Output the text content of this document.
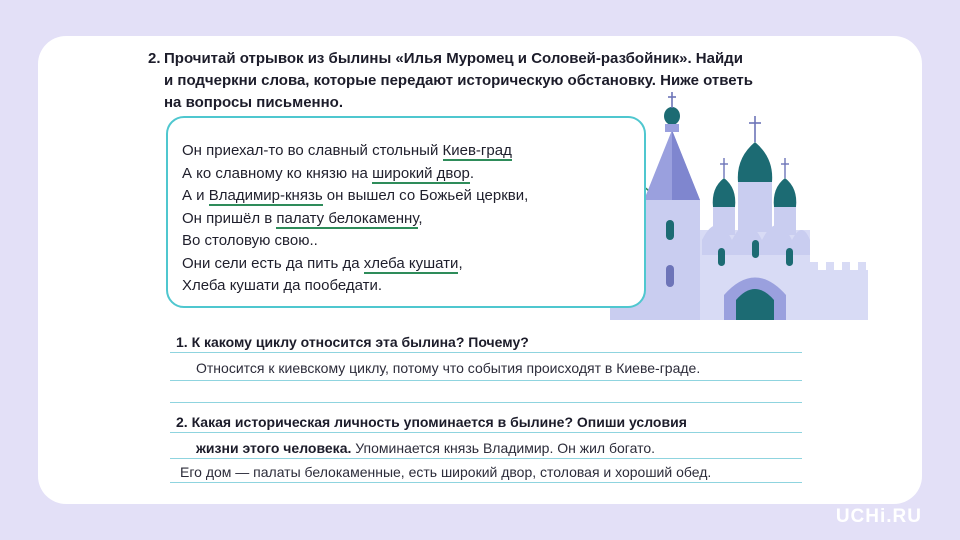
2. Прочитай отрывок из былины «Илья Муромец и Соловей-разбойник». Найди
и подчеркни слова, которые передают историческую обстановку. Ниже ответь
на вопросы письменно.
Он приехал-то во славный стольный Киев-град
А ко славному ко князю на широкий двор.
А и Владимир-князь он вышел со Божьей церкви,
Он пришёл в палату белокаменну,
Во столовую свою..
Они сели есть да пить да хлеба кушати,
Хлеба кушати да пообедати.
1. К какому циклу относится эта былина? Почему?
Относится к киевскому циклу, потому что события происходят в Киеве-граде.
2. Какая историческая личность упоминается в былине? Опиши условия
жизни этого человека. Упоминается князь Владимир. Он жил богато.
Его дом — палаты белокаменные, есть широкий двор, столовая и хороший обед.
UCHi.RU
